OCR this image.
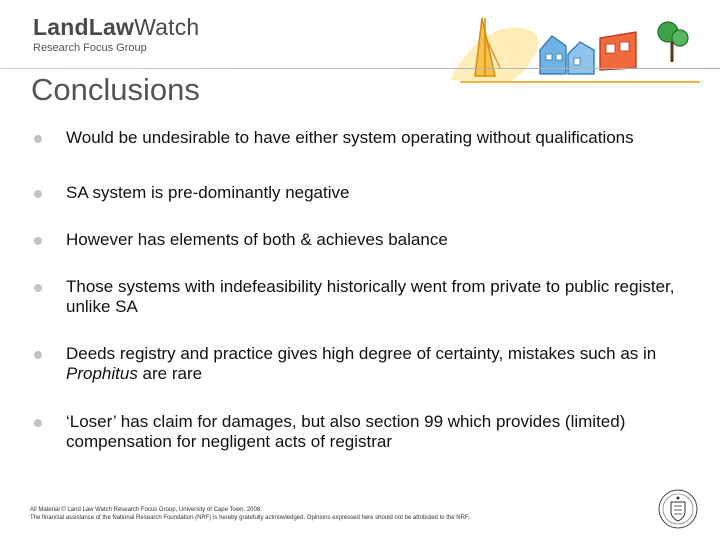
LandLawWatch
Research Focus Group
Conclusions
Would be undesirable to have either system operating without qualifications
SA system is pre-dominantly negative
However has elements of both & achieves balance
Those systems with indefeasibility historically went from private to public register, unlike SA
Deeds registry and practice gives high degree of certainty, mistakes such as in Prophitus are rare
‘Loser’ has claim for damages, but also section 99 which provides (limited) compensation for negligent acts of registrar
All Material © Land Law Watch Research Focus Group, University of Cape Town. 2008.
The financial assistance of the National Research Foundation (NRF) is hereby gratefully acknowledged. Opinions expressed here should not be attributed to the NRF.
